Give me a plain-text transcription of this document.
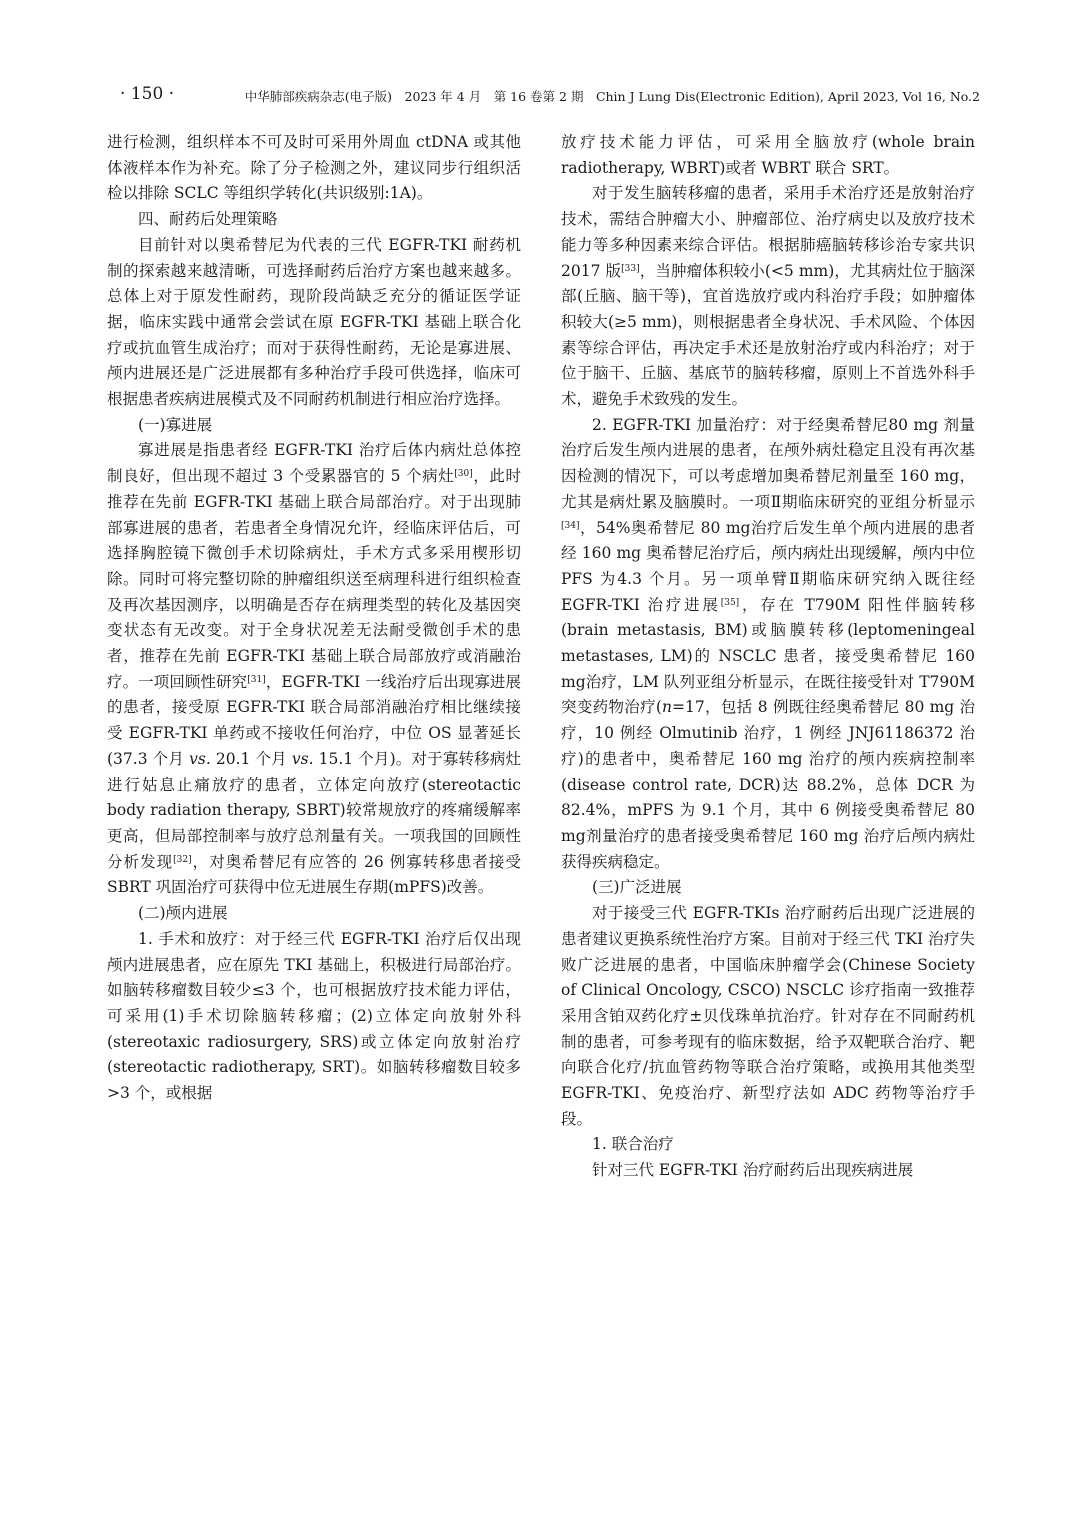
· 150 ·	中华肺部疾病杂志(电子版)　2023 年 4 月　第 16 卷第 2 期　Chin J Lung Dis(Electronic Edition), April 2023, Vol 16, No.2

进行检测，组织样本不可及时可采用外周血 ctDNA 或其他体液样本作为补充。除了分子检测之外，建议同步行组织活检以排除 SCLC 等组织学转化(共识级别:1A)。

四、耐药后处理策略

目前针对以奥希替尼为代表的三代 EGFR-TKI 耐药机制的探索越来越清晰，可选择耐药后治疗方案也越来越多。总体上对于原发性耐药，现阶段尚缺乏充分的循证医学证据，临床实践中通常会尝试在原 EGFR-TKI 基础上联合化疗或抗血管生成治疗；而对于获得性耐药，无论是寡进展、颅内进展还是广泛进展都有多种治疗手段可供选择，临床可根据患者疾病进展模式及不同耐药机制进行相应治疗选择。

(一)寡进展

寡进展是指患者经 EGFR-TKI 治疗后体内病灶总体控制良好，但出现不超过 3 个受累器官的 5 个病灶[30]，此时推荐在先前 EGFR-TKI 基础上联合局部治疗。对于出现肺部寡进展的患者，若患者全身情况允许，经临床评估后，可选择胸腔镜下微创手术切除病灶，手术方式多采用楔形切除。同时可将完整切除的肿瘤组织送至病理科进行组织检查及再次基因测序，以明确是否存在病理类型的转化及基因突变状态有无改变。对于全身状况差无法耐受微创手术的患者，推荐在先前 EGFR-TKI 基础上联合局部放疗或消融治疗。一项回顾性研究[31]，EGFR-TKI 一线治疗后出现寡进展的患者，接受原 EGFR-TKI 联合局部消融治疗相比继续接受 EGFR-TKI 单药或不接收任何治疗，中位 OS 显著延长(37.3 个月 vs. 20.1 个月 vs. 15.1 个月)。对于寡转移病灶进行姑息止痛放疗的患者，立体定向放疗(stereotactic body radiation therapy, SBRT)较常规放疗的疼痛缓解率更高，但局部控制率与放疗总剂量有关。一项我国的回顾性分析发现[32]，对奥希替尼有应答的 26 例寡转移患者接受 SBRT 巩固治疗可获得中位无进展生存期(mPFS)改善。

(二)颅内进展

1. 手术和放疗：对于经三代 EGFR-TKI 治疗后仅出现颅内进展患者，应在原先 TKI 基础上，积极进行局部治疗。如脑转移瘤数目较少≤3 个，也可根据放疗技术能力评估，可采用(1)手术切除脑转移瘤；(2)立体定向放射外科(stereotaxic radiosurgery, SRS)或立体定向放射治疗(stereotactic radiotherapy, SRT)。如脑转移瘤数目较多>3 个，或根据

放疗技术能力评估，可采用全脑放疗(whole brain radiotherapy, WBRT)或者 WBRT 联合 SRT。

对于发生脑转移瘤的患者，采用手术治疗还是放射治疗技术，需结合肿瘤大小、肿瘤部位、治疗病史以及放疗技术能力等多种因素来综合评估。根据肺癌脑转移诊治专家共识 2017 版[33]，当肿瘤体积较小(<5 mm)，尤其病灶位于脑深部(丘脑、脑干等)，宜首选放疗或内科治疗手段；如肿瘤体积较大(≥5 mm)，则根据患者全身状况、手术风险、个体因素等综合评估，再决定手术还是放射治疗或内科治疗；对于位于脑干、丘脑、基底节的脑转移瘤，原则上不首选外科手术，避免手术致残的发生。

2. EGFR-TKI 加量治疗：对于经奥希替尼80 mg 剂量治疗后发生颅内进展的患者，在颅外病灶稳定且没有再次基因检测的情况下，可以考虑增加奥希替尼剂量至 160 mg，尤其是病灶累及脑膜时。一项Ⅱ期临床研究的亚组分析显示[34]，54%奥希替尼 80 mg治疗后发生单个颅内进展的患者经 160 mg 奥希替尼治疗后，颅内病灶出现缓解，颅内中位 PFS 为4.3 个月。另一项单臂Ⅱ期临床研究纳入既往经 EGFR-TKI 治疗进展[35]，存在 T790M 阳性伴脑转移(brain metastasis, BM)或脑膜转移(leptomeningeal metastases, LM)的 NSCLC 患者，接受奥希替尼 160 mg治疗，LM 队列亚组分析显示，在既往接受针对 T790M 突变药物治疗(n=17，包括 8 例既往经奥希替尼 80 mg 治疗，10 例经 Olmutinib 治疗，1 例经 JNJ61186372 治疗)的患者中，奥希替尼 160 mg 治疗的颅内疾病控制率(disease control rate, DCR)达 88.2%，总体 DCR 为 82.4%，mPFS 为 9.1 个月，其中 6 例接受奥希替尼 80 mg剂量治疗的患者接受奥希替尼 160 mg 治疗后颅内病灶获得疾病稳定。

(三)广泛进展

对于接受三代 EGFR-TKIs 治疗耐药后出现广泛进展的患者建议更换系统性治疗方案。目前对于经三代 TKI 治疗失败广泛进展的患者，中国临床肿瘤学会(Chinese Society of Clinical Oncology, CSCO) NSCLC 诊疗指南一致推荐采用含铂双药化疗±贝伐珠单抗治疗。针对存在不同耐药机制的患者，可参考现有的临床数据，给予双靶联合治疗、靶向联合化疗/抗血管药物等联合治疗策略，或换用其他类型 EGFR-TKI、免疫治疗、新型疗法如 ADC 药物等治疗手段。

1. 联合治疗

针对三代 EGFR-TKI 治疗耐药后出现疾病进展
